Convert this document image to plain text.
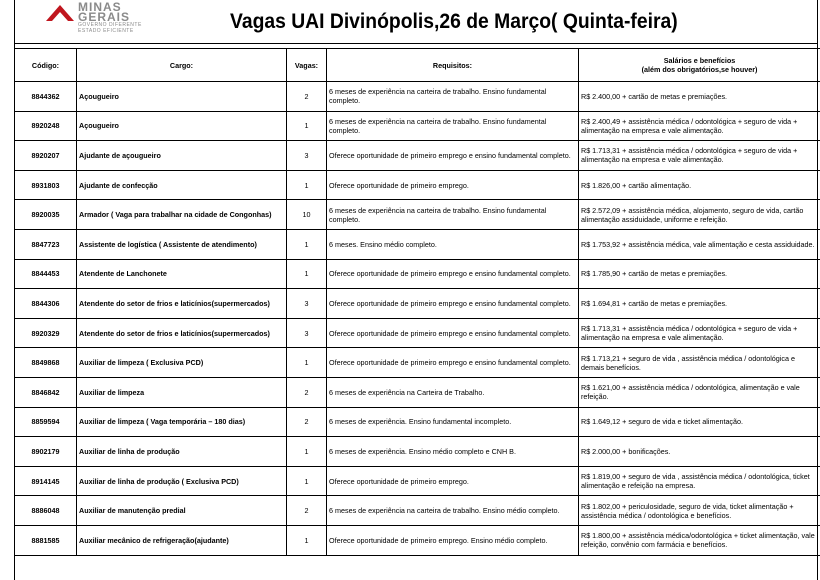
MINAS
GERAIS
GOVERNO DIFERENTE
ESTADO EFICIENTE	Vagas UAI Divinópolis,26 de Março( Quinta-feira)
Código:	Cargo:	Vagas:	Requisitos:	Salários e benefícios
(além dos obrigatórios,se houver)

8844362	Açougueiro	2	6 meses de experiência na carteira de trabalho. Ensino fundamental completo.	R$ 2.400,00 + cartão de metas e premiações.
8920248	Açougueiro	1	6 meses de experiência na carteira de trabalho. Ensino fundamental completo.	R$ 2.400,49 + assistência médica / odontológica + seguro de vida + alimentação na empresa e vale alimentação.
8920207	Ajudante de açougueiro	3	Oferece oportunidade de primeiro emprego e ensino fundamental completo.	R$ 1.713,31 + assistência médica / odontológica + seguro de vida + alimentação na empresa e vale alimentação.
8931803	Ajudante de confecção	1	Oferece oportunidade de primeiro emprego.	R$ 1.826,00 + cartão alimentação.
8920035	Armador ( Vaga para trabalhar na cidade de Congonhas)	10	6 meses de experiência na carteira de trabalho. Ensino fundamental completo.	R$ 2.572,09 + assistência médica, alojamento, seguro de vida, cartão alimentação assiduidade, uniforme e refeição.
8847723	Assistente de logística ( Assistente de atendimento)	1	6 meses. Ensino médio completo.	R$ 1.753,92 + assistência médica, vale alimentação e cesta assiduidade.
8844453	Atendente de Lanchonete	1	Oferece oportunidade de primeiro emprego e ensino fundamental completo.	R$ 1.785,90 + cartão de metas e premiações.
8844306	Atendente do setor de frios e laticínios(supermercados)	3	Oferece oportunidade de primeiro emprego e ensino fundamental completo.	R$ 1.694,81 + cartão de metas e premiações.
8920329	Atendente do setor de frios e laticínios(supermercados)	3	Oferece oportunidade de primeiro emprego e ensino fundamental completo.	R$ 1.713,31 + assistência médica / odontológica + seguro de vida + alimentação na empresa e vale alimentação.
8849868	Auxiliar de limpeza ( Exclusiva PCD)	1	Oferece oportunidade de primeiro emprego e ensino fundamental completo.	R$ 1.713,21 + seguro de vida , assistência médica / odontológica e demais benefícios.
8846842	Auxiliar de limpeza	2	6 meses de experiência na Carteira de Trabalho.	R$ 1.621,00 + assistência médica / odontológica, alimentação e vale refeição.
8859594	Auxiliar de limpeza ( Vaga temporária – 180 dias)	2	6 meses de experiência. Ensino fundamental incompleto.	R$ 1.649,12 + seguro de vida e ticket alimentação.
8902179	Auxiliar de linha de produção	1	6 meses de experiência. Ensino médio completo e CNH B.	R$ 2.000,00 + bonificações.
8914145	Auxiliar de linha de produção ( Exclusiva PCD)	1	Oferece oportunidade de primeiro emprego.	R$ 1.819,00 + seguro de vida , assistência médica / odontológica, ticket alimentação e refeição na empresa.
8886048	Auxiliar de manutenção predial	2	6 meses de experiência na carteira de trabalho. Ensino médio completo.	R$ 1.802,00 + periculosidade, seguro de vida, ticket alimentação + assistência médica / odontológica e benefícios.
8881585	Auxiliar mecânico de refrigeração(ajudante)	1	Oferece oportunidade de primeiro emprego. Ensino médio completo.	R$ 1.800,00 + assistência médica/odontológica + ticket alimentação, vale refeição, convênio com farmácia e benefícios.
